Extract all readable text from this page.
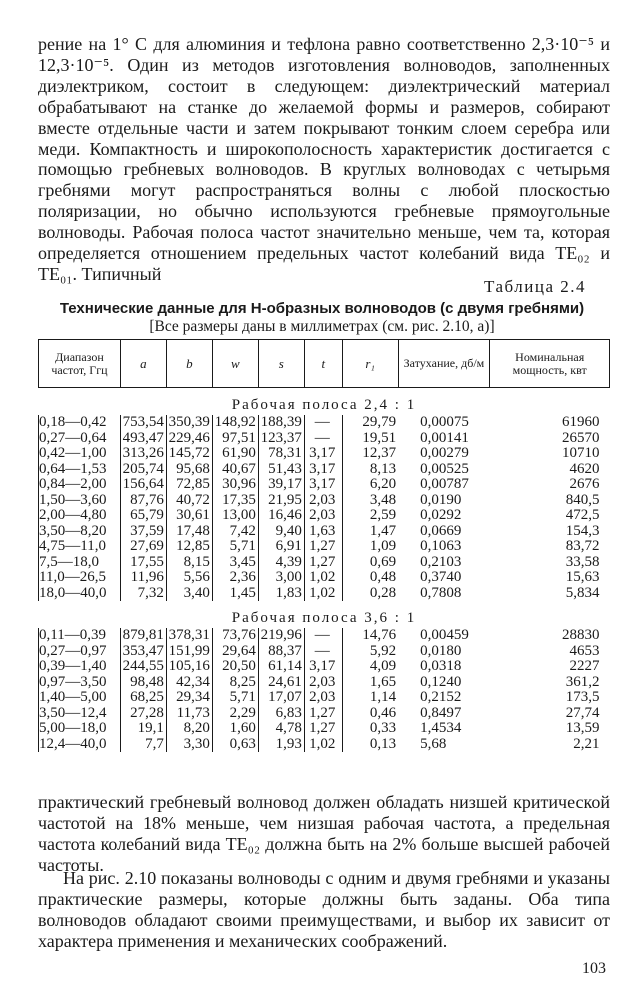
рение на 1° С для алюминия и тефлона равно соответственно 2,3·10⁻⁵ и 12,3·10⁻⁵. Один из методов изготовления волноводов, заполненных диэлектриком, состоит в следующем: диэлектрический материал обрабатывают на станке до желаемой формы и размеров, собирают вместе отдельные части и затем покрывают тонким слоем серебра или меди. Компактность и широкополосность характеристик достигается с помощью гребневых волноводов. В круглых волноводах с четырьмя гребнями могут распространяться волны с любой плоскостью поляризации, но обычно используются гребневые прямоугольные волноводы. Рабочая полоса частот значительно меньше, чем та, которая определяется отношением предельных частот колебаний вида ТЕ₀₂ и ТЕ₀₁. Типичный

Таблица 2.4

Технические данные для Н-образных волноводов (с двумя гребнями)

[Все размеры даны в миллиметрах (см. рис. 2.10, а)]

Диапазон частот, Ггц	a	b	w	s	t	r₁	Затухание, дб/м	Номинальная мощность, квт
Рабочая полоса 2,4 : 1								
0,18—0,42	753,54	350,39	148,92	188,39	—	29,79	0,00075	61960
0,27—0,64	493,47	229,46	97,51	123,37	—	19,51	0,00141	26570
0,42—1,00	313,26	145,72	61,90	78,31	3,17	12,37	0,00279	10710
0,64—1,53	205,74	95,68	40,67	51,43	3,17	8,13	0,00525	4620
0,84—2,00	156,64	72,85	30,96	39,17	3,17	6,20	0,00787	2676
1,50—3,60	87,76	40,72	17,35	21,95	2,03	3,48	0,0190	840,5
2,00—4,80	65,79	30,61	13,00	16,46	2,03	2,59	0,0292	472,5
3,50—8,20	37,59	17,48	7,42	9,40	1,63	1,47	0,0669	154,3
4,75—11,0	27,69	12,85	5,71	6,91	1,27	1,09	0,1063	83,72
7,5—18,0	17,55	8,15	3,45	4,39	1,27	0,69	0,2103	33,58
11,0—26,5	11,96	5,56	2,36	3,00	1,02	0,48	0,3740	15,63
18,0—40,0	7,32	3,40	1,45	1,83	1,02	0,28	0,7808	5,834
Рабочая полоса 3,6 : 1								
0,11—0,39	879,81	378,31	73,76	219,96	—	14,76	0,00459	28830
0,27—0,97	353,47	151,99	29,64	88,37	—	5,92	0,0180	4653
0,39—1,40	244,55	105,16	20,50	61,14	3,17	4,09	0,0318	2227
0,97—3,50	98,48	42,34	8,25	24,61	2,03	1,65	0,1240	361,2
1,40—5,00	68,25	29,34	5,71	17,07	2,03	1,14	0,2152	173,5
3,50—12,4	27,28	11,73	2,29	6,83	1,27	0,46	0,8497	27,74
5,00—18,0	19,1	8,20	1,60	4,78	1,27	0,33	1,4534	13,59
12,4—40,0	7,7	3,30	0,63	1,93	1,02	0,13	5,68	2,21

практический гребневый волновод должен обладать низшей критической частотой на 18% меньше, чем низшая рабочая частота, а предельная частота колебаний вида ТЕ₀₂ должна быть на 2% больше высшей рабочей частоты.

На рис. 2.10 показаны волноводы с одним и двумя гребнями и указаны практические размеры, которые должны быть заданы. Оба типа волноводов обладают своими преимуществами, и выбор их зависит от характера применения и механических соображений.

103
